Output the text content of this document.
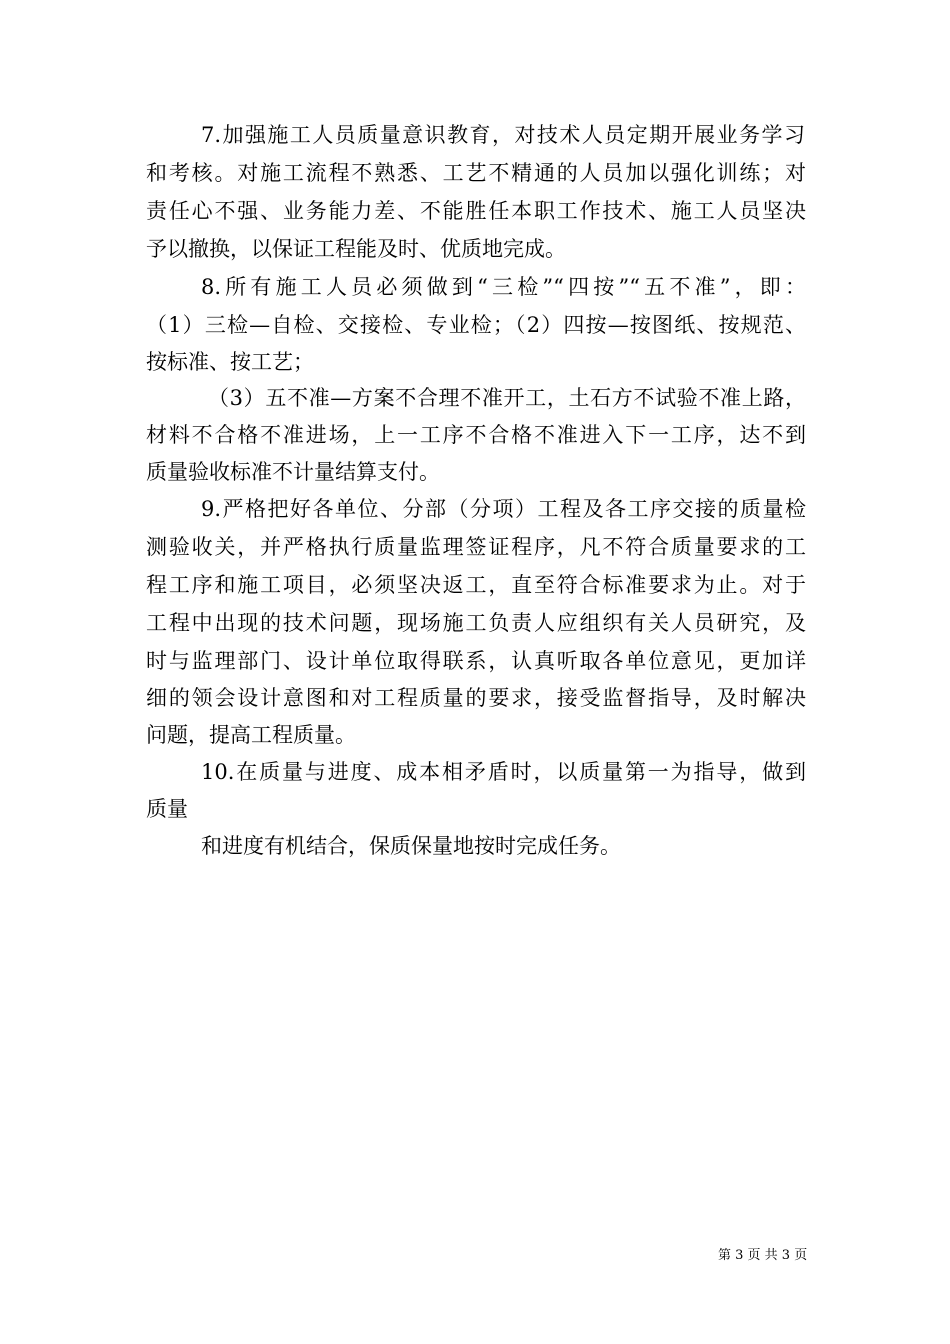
7.加强施工人员质量意识教育，对技术人员定期开展业务学习
和考核。对施工流程不熟悉、工艺不精通的人员加以强化训练；对
责任心不强、业务能力差、不能胜任本职工作技术、施工人员坚决
予以撤换，以保证工程能及时、优质地完成。
8.所有施工人员必须做到“三检”“四按”“五不准”，即：
（1）三检—自检、交接检、专业检；（2）四按—按图纸、按规范、
按标准、按工艺；
（3）五不准—方案不合理不准开工，土石方不试验不准上路，
材料不合格不准进场，上一工序不合格不准进入下一工序，达不到
质量验收标准不计量结算支付。
9.严格把好各单位、分部（分项）工程及各工序交接的质量检
测验收关，并严格执行质量监理签证程序，凡不符合质量要求的工
程工序和施工项目，必须坚决返工，直至符合标准要求为止。对于
工程中出现的技术问题，现场施工负责人应组织有关人员研究，及
时与监理部门、设计单位取得联系，认真听取各单位意见，更加详
细的领会设计意图和对工程质量的要求，接受监督指导，及时解决
问题，提高工程质量。
10.在质量与进度、成本相矛盾时，以质量第一为指导，做到
质量
和进度有机结合，保质保量地按时完成任务。
第 3 页 共 3 页
